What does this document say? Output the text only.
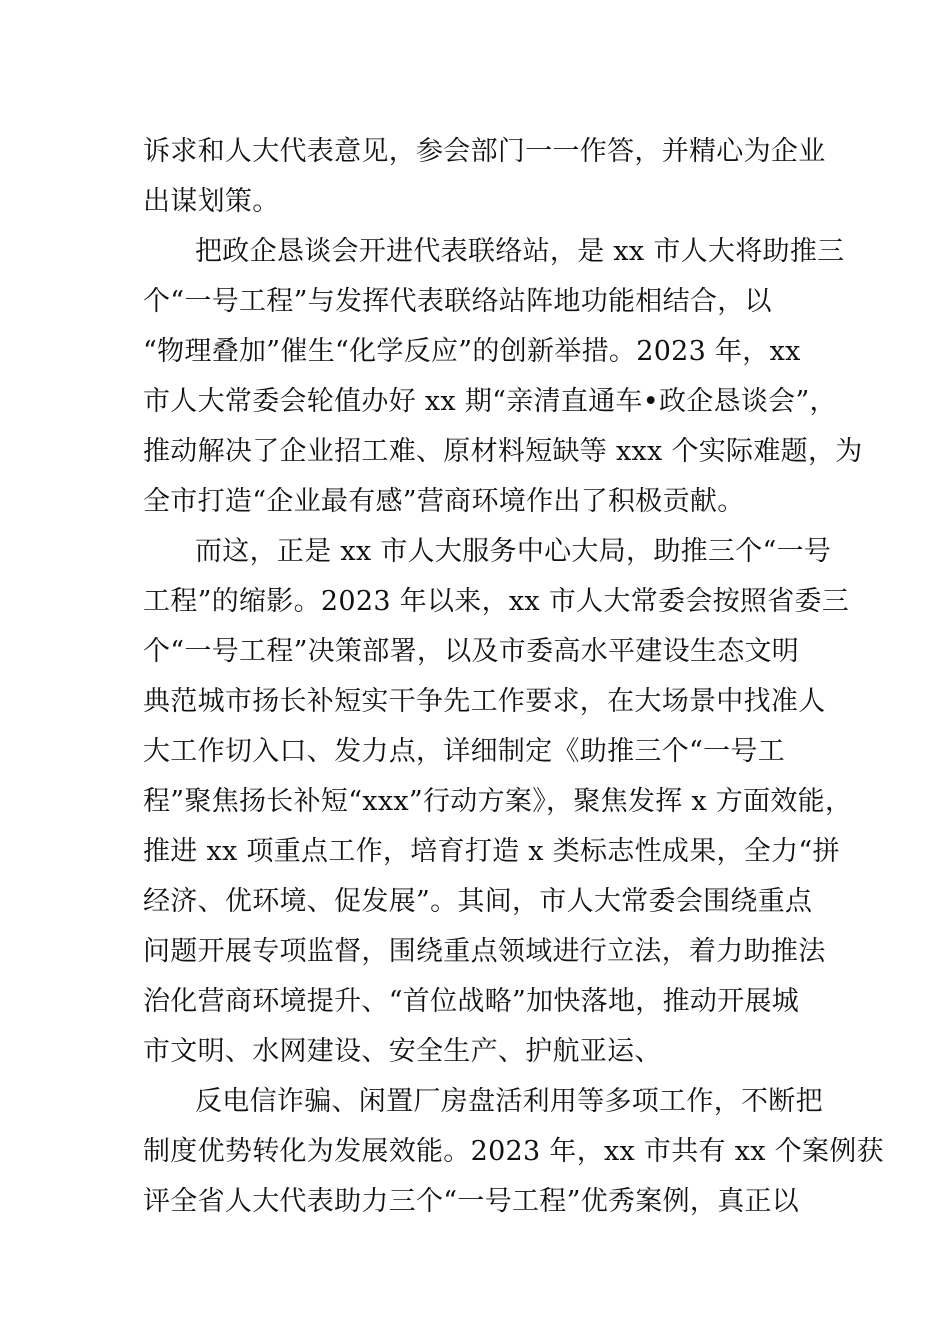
诉求和人大代表意见，参会部门一一作答，并精心为企业
出谋划策。
把政企恳谈会开进代表联络站，是 xx 市人大将助推三
个“一号工程”与发挥代表联络站阵地功能相结合，以
“物理叠加”催生“化学反应”的创新举措。2023 年，xx
市人大常委会轮值办好 xx 期“亲清直通车•政企恳谈会”，
推动解决了企业招工难、原材料短缺等 xxx 个实际难题，为
全市打造“企业最有感”营商环境作出了积极贡献。
而这，正是 xx 市人大服务中心大局，助推三个“一号
工程”的缩影。2023 年以来，xx 市人大常委会按照省委三
个“一号工程”决策部署，以及市委高水平建设生态文明
典范城市扬长补短实干争先工作要求，在大场景中找准人
大工作切入口、发力点，详细制定《助推三个“一号工
程”聚焦扬长补短“xxx”行动方案》，聚焦发挥 x 方面效能，
推进 xx 项重点工作，培育打造 x 类标志性成果，全力“拼
经济、优环境、促发展”。其间，市人大常委会围绕重点
问题开展专项监督，围绕重点领域进行立法，着力助推法
治化营商环境提升、“首位战略”加快落地，推动开展城
市文明、水网建设、安全生产、护航亚运、
反电信诈骗、闲置厂房盘活利用等多项工作，不断把
制度优势转化为发展效能。2023 年，xx 市共有 xx 个案例获
评全省人大代表助力三个“一号工程”优秀案例，真正以
